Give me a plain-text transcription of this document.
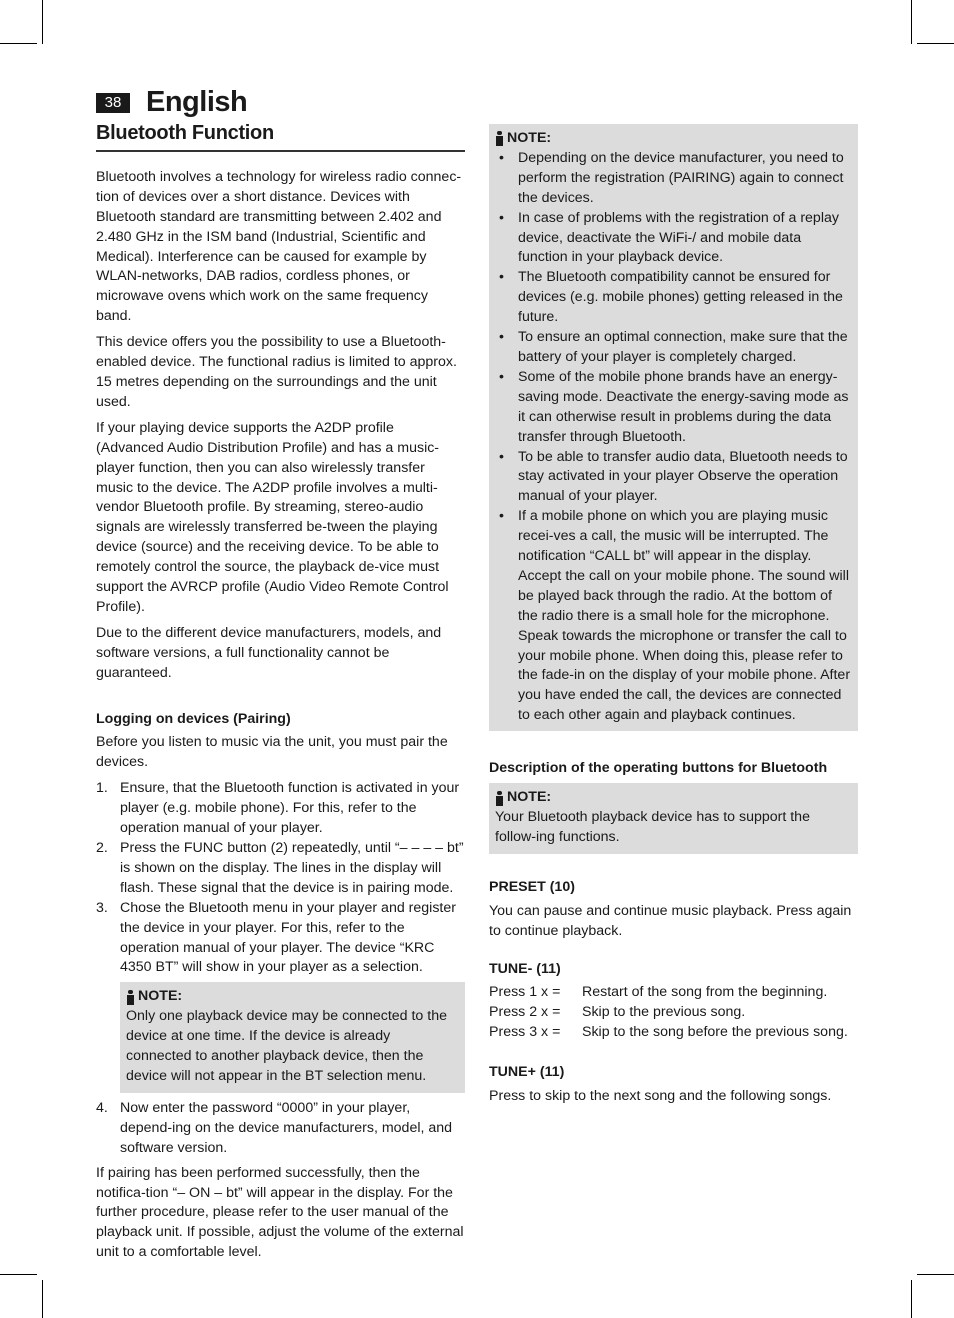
38 English
Bluetooth Function

Bluetooth involves a technology for wireless radio connec-tion of devices over a short distance. Devices with Bluetooth standard are transmitting between 2.402 and 2.480 GHz in the ISM band (Industrial, Scientific and Medical). Interference can be caused for example by WLAN-networks, DAB radios, cordless phones, or microwave ovens which work on the same frequency band.

This device offers you the possibility to use a Bluetooth-enabled device. The functional radius is limited to approx. 15 metres depending on the surroundings and the unit used.

If your playing device supports the A2DP profile (Advanced Audio Distribution Profile) and has a music-player function, then you can also wirelessly transfer music to the device. The A2DP profile involves a multi-vendor Bluetooth profile. By streaming, stereo-audio signals are wirelessly transferred be-tween the playing device (source) and the receiving device. To be able to remotely control the source, the playback de-vice must support the AVRCP profile (Audio Video Remote Control Profile).

Due to the different device manufacturers, models, and software versions, a full functionality cannot be guaranteed.

Logging on devices (Pairing)

Before you listen to music via the unit, you must pair the devices.

1. Ensure, that the Bluetooth function is activated in your player (e.g. mobile phone). For this, refer to the operation manual of your player.
2. Press the FUNC button (2) repeatedly, until “– – – – bt” is shown on the display. The lines in the display will flash. These signal that the device is in pairing mode.
3. Chose the Bluetooth menu in your player and register the device in your player. For this, refer to the operation manual of your player. The device “KRC 4350 BT” will show in your player as a selection.
NOTE:
Only one playback device may be connected to the device at one time. If the device is already connected to another playback device, then the device will not appear in the BT selection menu.
4. Now enter the password “0000” in your player, depend-ing on the device manufacturers, model, and software version.

If pairing has been performed successfully, then the notifica-tion “– ON – bt” will appear in the display. For the further procedure, please refer to the user manual of the playback unit. If possible, adjust the volume of the external unit to a comfortable level.

NOTE:
• Depending on the device manufacturer, you need to perform the registration (PAIRING) again to connect the devices.
• In case of problems with the registration of a replay device, deactivate the WiFi-/ and mobile data function in your playback device.
• The Bluetooth compatibility cannot be ensured for devices (e.g. mobile phones) getting released in the future.
• To ensure an optimal connection, make sure that the battery of your player is completely charged.
• Some of the mobile phone brands have an energy-saving mode. Deactivate the energy-saving mode as it can otherwise result in problems during the data transfer through Bluetooth.
• To be able to transfer audio data, Bluetooth needs to stay activated in your player Observe the operation manual of your player.
• If a mobile phone on which you are playing music recei-ves a call, the music will be interrupted. The notification “CALL bt” will appear in the display. Accept the call on your mobile phone. The sound will be played back through the radio. At the bottom of the radio there is a small hole for the microphone. Speak towards the microphone or transfer the call to your mobile phone. When doing this, please refer to the fade-in on the display of your mobile phone. After you have ended the call, the devices are connected to each other again and playback continues.
Description of the operating buttons for Bluetooth
NOTE:
Your Bluetooth playback device has to support the follow-ing functions.
PRESET (10)

You can pause and continue music playback. Press again to continue playback.

TUNE- (11)
Press 1 x =	Restart of the song from the beginning.
Press 2 x =	Skip to the previous song.
Press 3 x =	Skip to the song before the previous song.
TUNE+ (11)

Press to skip to the next song and the following songs.
